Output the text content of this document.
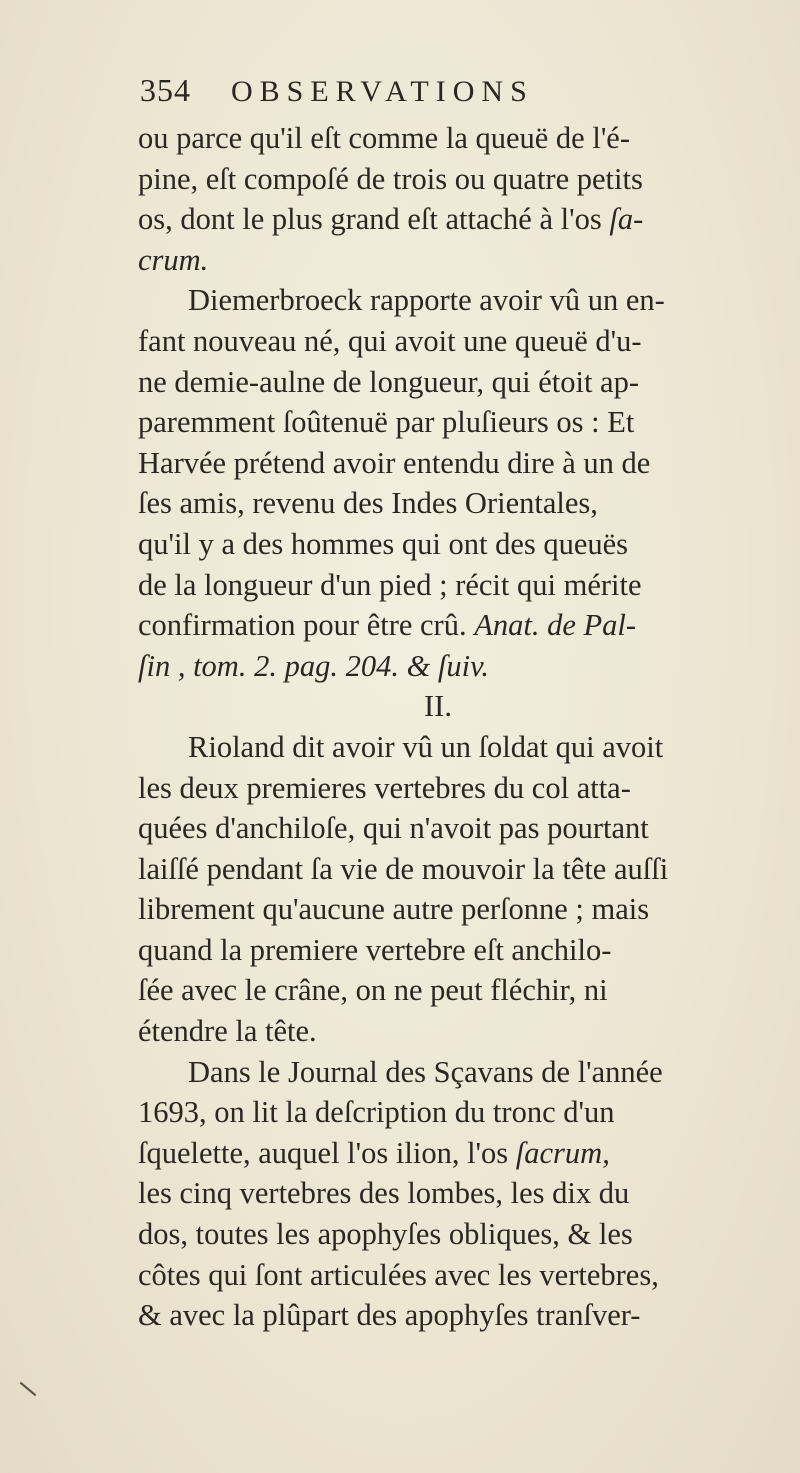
354 OBSERVATIONS
ou parce qu'il eſt comme la queuë de l'é-
pine, eſt compoſé de trois ou quatre petits
os, dont le plus grand eſt attaché à l'os ſa-
crum.
Diemerbroeck rapporte avoir vû un en-
fant nouveau né, qui avoit une queuë d'u-
ne demie-aulne de longueur, qui étoit ap-
paremment ſoûtenuë par pluſieurs os : Et
Harvée prétend avoir entendu dire à un de
ſes amis, revenu des Indes Orientales,
qu'il y a des hommes qui ont des queuës
de la longueur d'un pied ; récit qui mérite
confirmation pour être crû. Anat. de Pal-
ſin , tom. 2. pag. 204. & ſuiv.
II.
Rioland dit avoir vû un ſoldat qui avoit
les deux premieres vertebres du col atta-
quées d'anchiloſe, qui n'avoit pas pourtant
laiſſé pendant ſa vie de mouvoir la tête auſſi
librement qu'aucune autre perſonne ; mais
quand la premiere vertebre eſt anchilo-
ſée avec le crâne, on ne peut fléchir, ni
étendre la tête.
Dans le Journal des Sçavans de l'année
1693, on lit la deſcription du tronc d'un
ſquelette, auquel l'os ilion, l'os ſacrum,
les cinq vertebres des lombes, les dix du
dos, toutes les apophyſes obliques, & les
côtes qui ſont articulées avec les vertebres,
& avec la plûpart des apophyſes tranſver-
